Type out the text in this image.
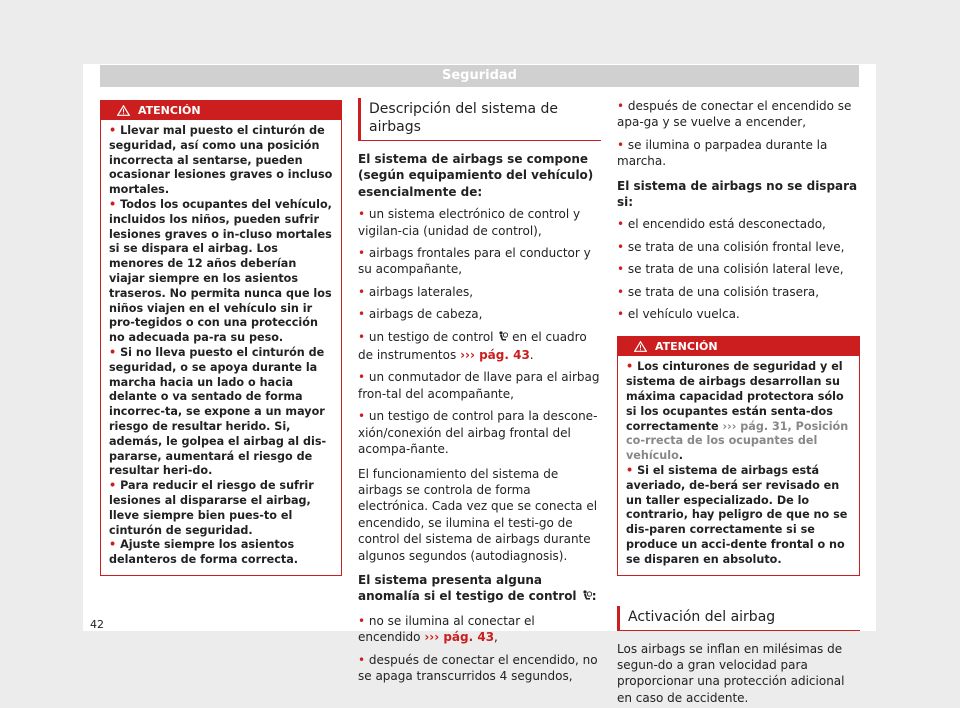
Seguridad
ATENCIÓN

• Llevar mal puesto el cinturón de seguridad, así como una posición incorrecta al sentarse, pueden ocasionar lesiones graves o incluso mortales.

• Todos los ocupantes del vehículo, incluidos los niños, pueden sufrir lesiones graves o in-cluso mortales si se dispara el airbag. Los menores de 12 años deberían viajar siempre en los asientos traseros. No permita nunca que los niños viajen en el vehículo sin ir pro-tegidos o con una protección no adecuada pa-ra su peso.

• Si no lleva puesto el cinturón de seguridad, o se apoya durante la marcha hacia un lado o hacia delante o va sentado de forma incorrec-ta, se expone a un mayor riesgo de resultar herido. Si, además, le golpea el airbag al dis-pararse, aumentará el riesgo de resultar heri-do.

• Para reducir el riesgo de sufrir lesiones al dispararse el airbag, lleve siempre bien pues-to el cinturón de seguridad.

• Ajuste siempre los asientos delanteros de forma correcta.

Descripción del sistema de airbags

El sistema de airbags se compone (según equipamiento del vehículo) esencialmente de:

• un sistema electrónico de control y vigilan-cia (unidad de control),

• airbags frontales para el conductor y su acompañante,

• airbags laterales,

• airbags de cabeza,

• un testigo de control en el cuadro de instrumentos ››› pág. 43.

• un conmutador de llave para el airbag fron-tal del acompañante,

• un testigo de control para la descone-xión/conexión del airbag frontal del acompa-ñante.

El funcionamiento del sistema de airbags se controla de forma electrónica. Cada vez que se conecta el encendido, se ilumina el testi-go de control del sistema de airbags durante algunos segundos (autodiagnosis).

El sistema presenta alguna anomalía si el testigo de control :

• no se ilumina al conectar el encendido ››› pág. 43,

• después de conectar el encendido, no se apaga transcurridos 4 segundos,

• después de conectar el encendido se apa-ga y se vuelve a encender,

• se ilumina o parpadea durante la marcha.

El sistema de airbags no se dispara si:

• el encendido está desconectado,

• se trata de una colisión frontal leve,

• se trata de una colisión lateral leve,

• se trata de una colisión trasera,

• el vehículo vuelca.

ATENCIÓN

• Los cinturones de seguridad y el sistema de airbags desarrollan su máxima capacidad protectora sólo si los ocupantes están senta-dos correctamente ››› pág. 31, Posición co-rrecta de los ocupantes del vehículo.

• Si el sistema de airbags está averiado, de-berá ser revisado en un taller especializado. De lo contrario, hay peligro de que no se dis-paren correctamente si se produce un acci-dente frontal o no se disparen en absoluto.

Activación del airbag

Los airbags se inflan en milésimas de segun-do a gran velocidad para proporcionar una protección adicional en caso de accidente.

42
